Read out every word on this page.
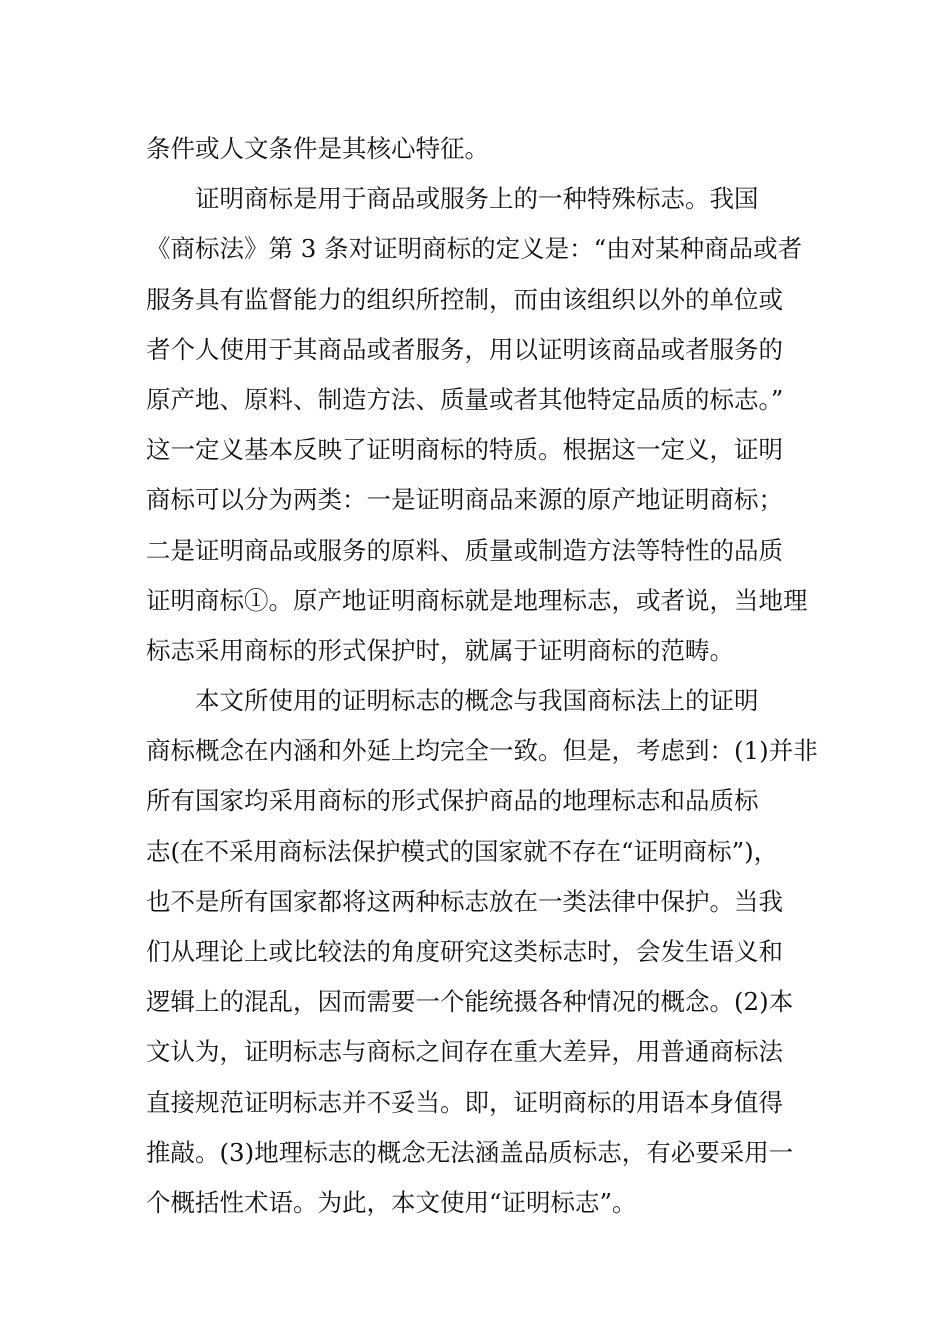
条件或人文条件是其核心特征。
证明商标是用于商品或服务上的一种特殊标志。我国
《商标法》第 3 条对证明商标的定义是：“由对某种商品或者
服务具有监督能力的组织所控制，而由该组织以外的单位或
者个人使用于其商品或者服务，用以证明该商品或者服务的
原产地、原料、制造方法、质量或者其他特定品质的标志。”
这一定义基本反映了证明商标的特质。根据这一定义，证明
商标可以分为两类：一是证明商品来源的原产地证明商标；
二是证明商品或服务的原料、质量或制造方法等特性的品质
证明商标①。原产地证明商标就是地理标志，或者说，当地理
标志采用商标的形式保护时，就属于证明商标的范畴。
本文所使用的证明标志的概念与我国商标法上的证明
商标概念在内涵和外延上均完全一致。但是，考虑到：(1)并非
所有国家均采用商标的形式保护商品的地理标志和品质标
志(在不采用商标法保护模式的国家就不存在“证明商标”)，
也不是所有国家都将这两种标志放在一类法律中保护。当我
们从理论上或比较法的角度研究这类标志时，会发生语义和
逻辑上的混乱，因而需要一个能统摄各种情况的概念。(2)本
文认为，证明标志与商标之间存在重大差异，用普通商标法
直接规范证明标志并不妥当。即，证明商标的用语本身值得
推敲。(3)地理标志的概念无法涵盖品质标志，有必要采用一
个概括性术语。为此，本文使用“证明标志”。
